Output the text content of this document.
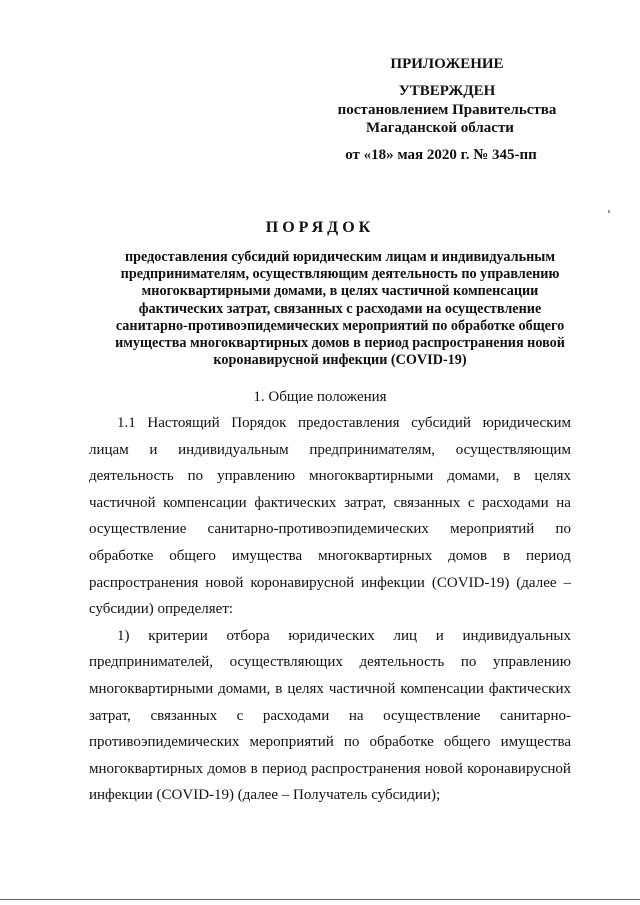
ПРИЛОЖЕНИЕ
УТВЕРЖДЕН
постановлением Правительства
Магаданской области
от «18» мая 2020 г. № 345-пп
ПОРЯДОК
предоставления субсидий юридическим лицам и индивидуальным
предпринимателям, осуществляющим деятельность по управлению
многоквартирными домами, в целях частичной компенсации
фактических затрат, связанных с расходами на осуществление
санитарно-противоэпидемических мероприятий по обработке общего
имущества многоквартирных домов в период распространения новой
коронавирусной инфекции (COVID-19)
1. Общие положения
1.1 Настоящий Порядок предоставления субсидий юридическим
лицам и индивидуальным предпринимателям, осуществляющим
деятельность по управлению многоквартирными домами, в целях
частичной компенсации фактических затрат, связанных с расходами на
осуществление санитарно-противоэпидемических мероприятий по
обработке общего имущества многоквартирных домов в период
распространения новой коронавирусной инфекции (COVID-19) (далее –
субсидии) определяет:
1) критерии отбора юридических лиц и индивидуальных
предпринимателей, осуществляющих деятельность по управлению
многоквартирными домами, в целях частичной компенсации фактических
затрат, связанных с расходами на осуществление санитарно-
противоэпидемических мероприятий по обработке общего имущества
многоквартирных домов в период распространения новой коронавирусной
инфекции (COVID-19) (далее – Получатель субсидии);
